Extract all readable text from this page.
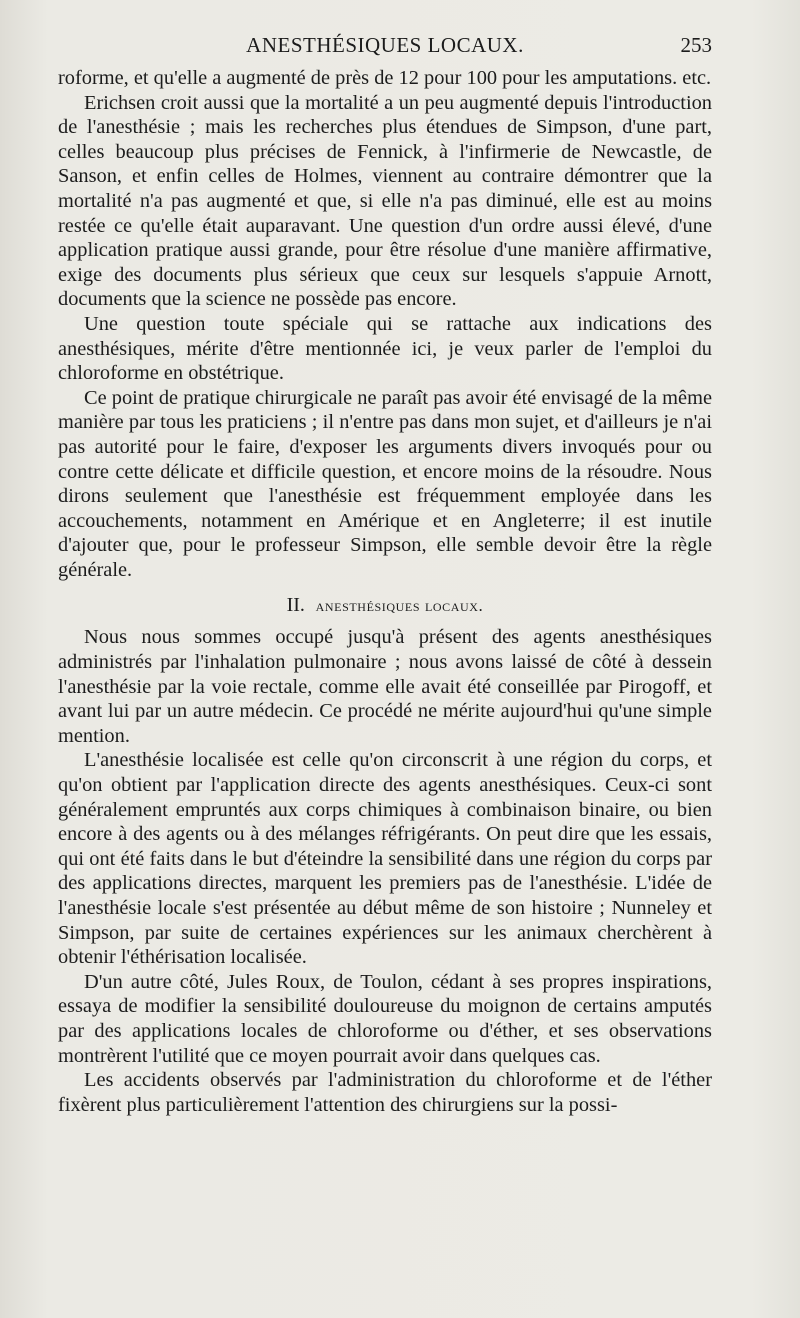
ANESTHÉSIQUES LOCAUX.	253

roforme, et qu'elle a augmenté de près de 12 pour 100 pour les amputations. etc.

Erichsen croit aussi que la mortalité a un peu augmenté depuis l'introduction de l'anesthésie ; mais les recherches plus étendues de Simpson, d'une part, celles beaucoup plus précises de Fennick, à l'infirmerie de Newcastle, de Sanson, et enfin celles de Holmes, viennent au contraire démontrer que la mortalité n'a pas augmenté et que, si elle n'a pas diminué, elle est au moins restée ce qu'elle était auparavant. Une question d'un ordre aussi élevé, d'une application pratique aussi grande, pour être résolue d'une manière affirmative, exige des documents plus sérieux que ceux sur lesquels s'appuie Arnott, documents que la science ne possède pas encore.

Une question toute spéciale qui se rattache aux indications des anesthésiques, mérite d'être mentionnée ici, je veux parler de l'emploi du chloroforme en obstétrique.

Ce point de pratique chirurgicale ne paraît pas avoir été envisagé de la même manière par tous les praticiens ; il n'entre pas dans mon sujet, et d'ailleurs je n'ai pas autorité pour le faire, d'exposer les arguments divers invoqués pour ou contre cette délicate et difficile question, et encore moins de la résoudre. Nous dirons seulement que l'anesthésie est fréquemment employée dans les accouchements, notamment en Amérique et en Angleterre; il est inutile d'ajouter que, pour le professeur Simpson, elle semble devoir être la règle générale.

II. anesthésiques locaux.

Nous nous sommes occupé jusqu'à présent des agents anesthésiques administrés par l'inhalation pulmonaire ; nous avons laissé de côté à dessein l'anesthésie par la voie rectale, comme elle avait été conseillée par Pirogoff, et avant lui par un autre médecin. Ce procédé ne mérite aujourd'hui qu'une simple mention.

L'anesthésie localisée est celle qu'on circonscrit à une région du corps, et qu'on obtient par l'application directe des agents anesthésiques. Ceux-ci sont généralement empruntés aux corps chimiques à combinaison binaire, ou bien encore à des agents ou à des mélanges réfrigérants. On peut dire que les essais, qui ont été faits dans le but d'éteindre la sensibilité dans une région du corps par des applications directes, marquent les premiers pas de l'anesthésie. L'idée de l'anesthésie locale s'est présentée au début même de son histoire ; Nunneley et Simpson, par suite de certaines expériences sur les animaux cherchèrent à obtenir l'éthérisation localisée.

D'un autre côté, Jules Roux, de Toulon, cédant à ses propres inspirations, essaya de modifier la sensibilité douloureuse du moignon de certains amputés par des applications locales de chloroforme ou d'éther, et ses observations montrèrent l'utilité que ce moyen pourrait avoir dans quelques cas.

Les accidents observés par l'administration du chloroforme et de l'éther fixèrent plus particulièrement l'attention des chirurgiens sur la possi-
